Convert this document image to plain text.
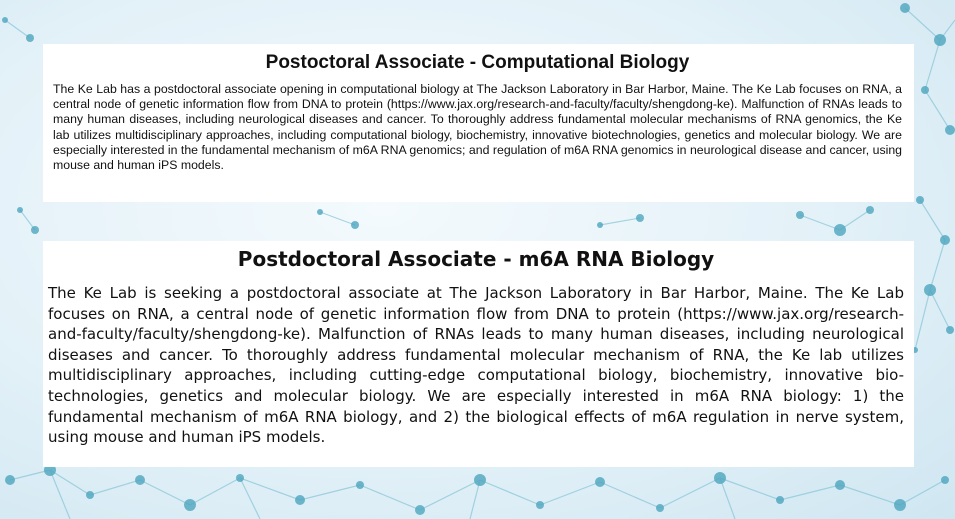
Postoctoral Associate - Computational Biology

The Ke Lab has a postdoctoral associate opening in computational biology at The Jackson Laboratory in Bar Harbor, Maine. The Ke Lab focuses on RNA, a central node of genetic information flow from DNA to protein (https://www.jax.org/research-and-faculty/faculty/shengdong-ke). Malfunction of RNAs leads to many human diseases, including neurological diseases and cancer. To thoroughly address fundamental molecular mechanisms of RNA genomics, the Ke lab utilizes multidisciplinary approaches, including computational biology, biochemistry, innovative biotechnologies, genetics and molecular biology. We are especially interested in the fundamental mechanism of m6A RNA genomics; and regulation of m6A RNA genomics in neurological disease and cancer, using mouse and human iPS models.

Postdoctoral Associate - m6A RNA Biology

The Ke Lab is seeking a postdoctoral associate at The Jackson Laboratory in Bar Harbor, Maine. The Ke Lab focuses on RNA, a central node of genetic information flow from DNA to protein (https://www.jax.org/research-and-faculty/faculty/shengdong-ke). Malfunction of RNAs leads to many human diseases, including neurological diseases and cancer. To thoroughly address fundamental molecular mechanism of RNA, the Ke lab utilizes multidisciplinary approaches, including cutting-edge computational biology, biochemistry, innovative bio-technologies, genetics and molecular biology. We are especially interested in m6A RNA biology: 1) the fundamental mechanism of m6A RNA biology, and 2) the biological effects of m6A regulation in nerve system, using mouse and human iPS models.
